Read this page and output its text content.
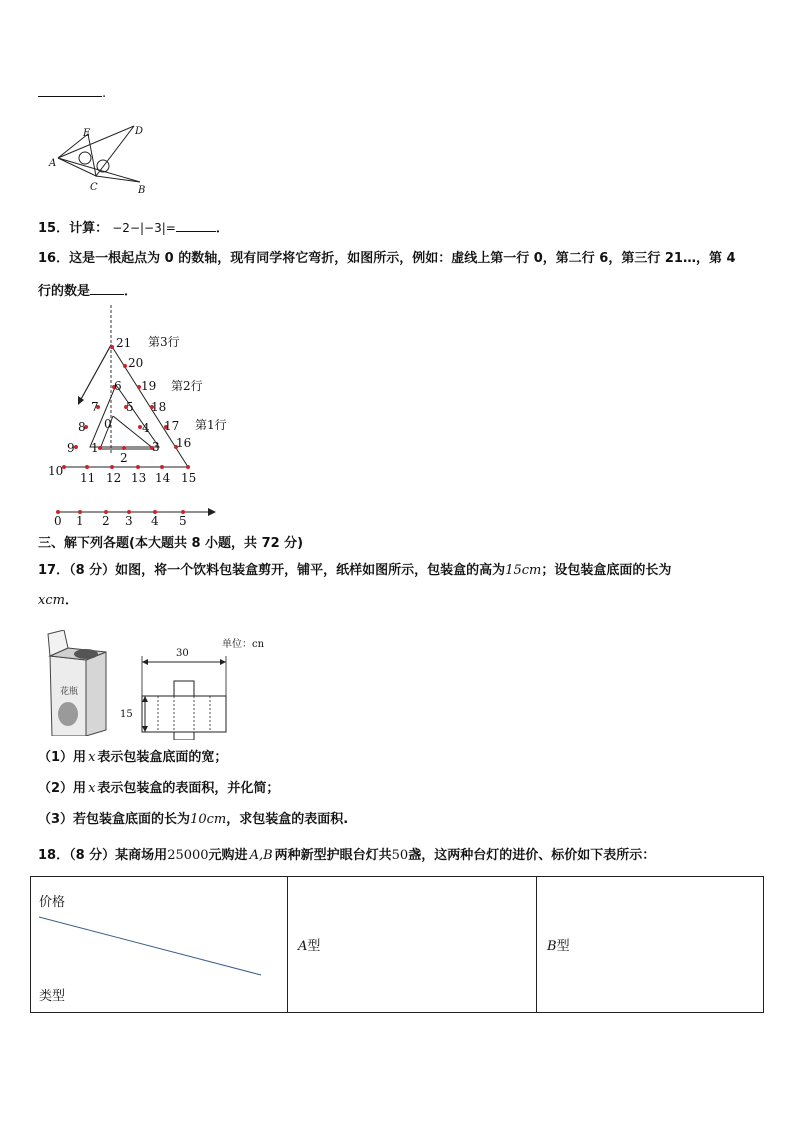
.
E	D
A
C	B
15．计算： −2−|−3|=	．
16．这是一根起点为 0 的数轴，现有同学将它弯折，如图所示，例如：虚线上第一行 0，第二行 6，第三行 21…，第 4
行的数是	．
21
20
6 19
7 5 18
8 0	4 17
9 1	3 16
2
10 11 12 13 14 15
第3行
第2行
第1行
0 1 2 3 4 5
三、解下列各题(本大题共 8 小题，共 72 分)
17．（8 分）如图，将一个饮料包装盒剪开，铺平，纸样如图所示，包装盒的高为15cm；设包装盒底面的长为
xcm．
花瓶
单位：cn
30
15
（1）用 x 表示包装盒底面的宽；
（2）用 x 表示包装盒的表面积，并化简；
（3）若包装盒底面的长为10cm，求包装盒的表面积.
18．（8 分）某商场用25000元购进 A,B 两种新型护眼台灯共50盏，这两种台灯的进价、标价如下表所示：
价格
类型
	A型	B型
